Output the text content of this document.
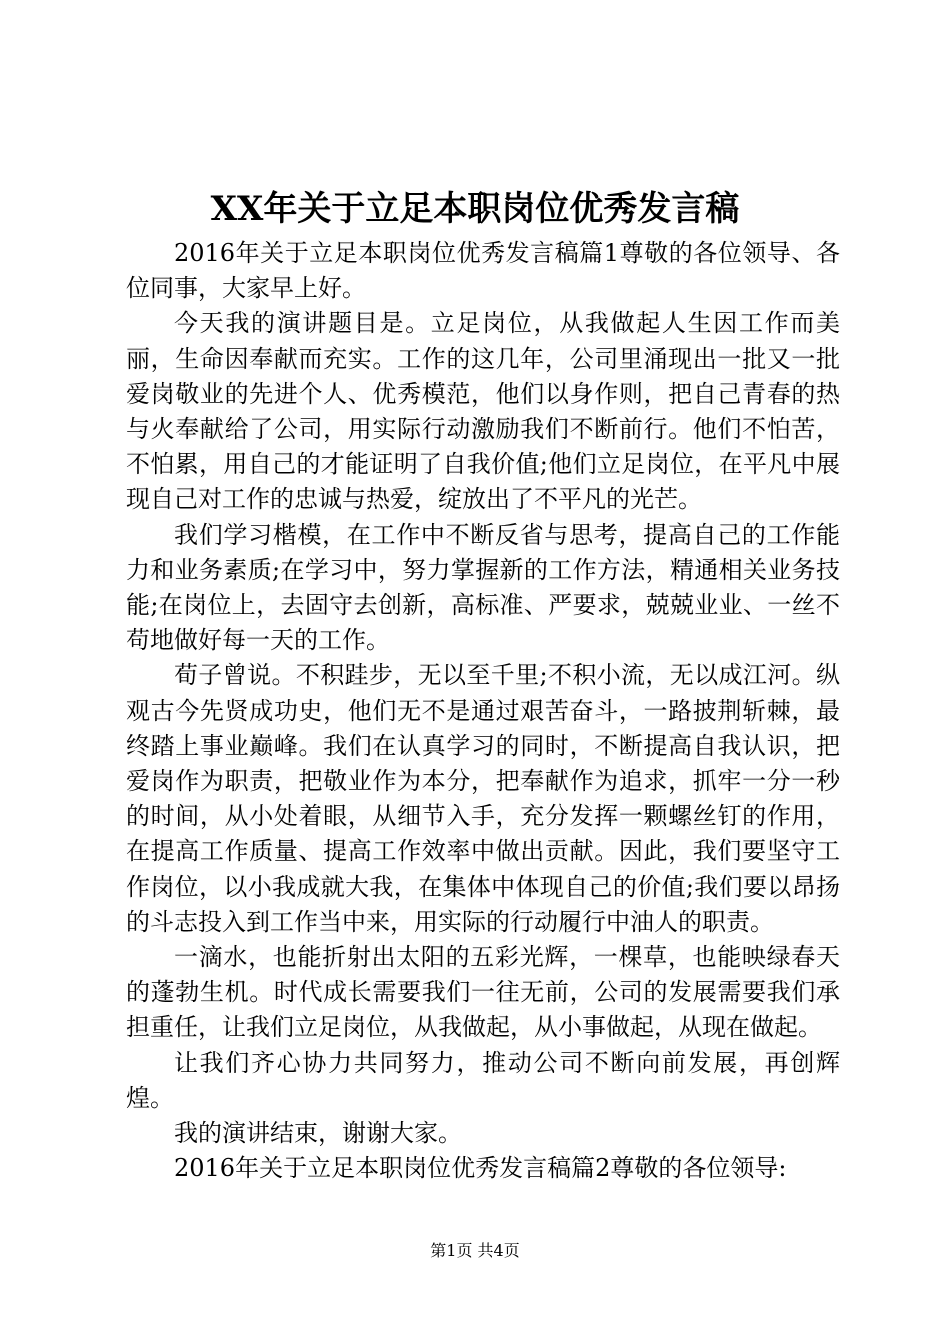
XX年关于立足本职岗位优秀发言稿

2016年关于立足本职岗位优秀发言稿篇1尊敬的各位领导、各位同事，大家早上好。

今天我的演讲题目是。立足岗位，从我做起人生因工作而美丽，生命因奉献而充实。工作的这几年，公司里涌现出一批又一批爱岗敬业的先进个人、优秀模范，他们以身作则，把自己青春的热与火奉献给了公司，用实际行动激励我们不断前行。他们不怕苦，不怕累，用自己的才能证明了自我价值;他们立足岗位，在平凡中展现自己对工作的忠诚与热爱，绽放出了不平凡的光芒。

我们学习楷模，在工作中不断反省与思考，提高自己的工作能力和业务素质;在学习中，努力掌握新的工作方法，精通相关业务技能;在岗位上，去固守去创新，高标准、严要求，兢兢业业、一丝不苟地做好每一天的工作。

荀子曾说。不积跬步，无以至千里;不积小流，无以成江河。纵观古今先贤成功史，他们无不是通过艰苦奋斗，一路披荆斩棘，最终踏上事业巅峰。我们在认真学习的同时，不断提高自我认识，把爱岗作为职责，把敬业作为本分，把奉献作为追求，抓牢一分一秒的时间，从小处着眼，从细节入手，充分发挥一颗螺丝钉的作用，在提高工作质量、提高工作效率中做出贡献。因此，我们要坚守工作岗位，以小我成就大我，在集体中体现自己的价值;我们要以昂扬的斗志投入到工作当中来，用实际的行动履行中油人的职责。

一滴水，也能折射出太阳的五彩光辉，一棵草，也能映绿春天的蓬勃生机。时代成长需要我们一往无前，公司的发展需要我们承担重任，让我们立足岗位，从我做起，从小事做起，从现在做起。

让我们齐心协力共同努力，推动公司不断向前发展，再创辉煌。

我的演讲结束，谢谢大家。

2016年关于立足本职岗位优秀发言稿篇2尊敬的各位领导:

第1页 共4页
